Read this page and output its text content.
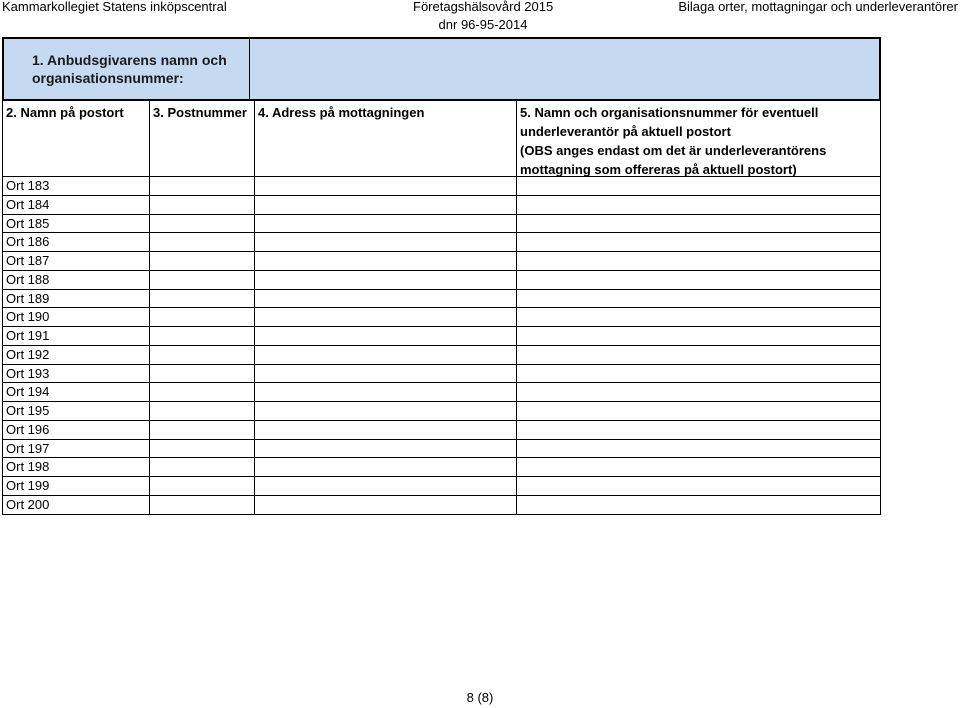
Kammarkollegiet Statens inköpscentral	Företagshälsovård 2015	Bilaga orter, mottagningar och underleverantörer
dnr 96-95-2014
1. Anbudsgivarens namn och
organisationsnummer:
2. Namn på postort	3. Postnummer 4. Adress på mottagningen	5. Namn och organisationsnummer för eventuell
underleverantör på aktuell postort
(OBS anges endast om det är underleverantörens
mottagning som offereras på aktuell postort)
Ort 183
Ort 184
Ort 185
Ort 186
Ort 187
Ort 188
Ort 189
Ort 190
Ort 191
Ort 192
Ort 193
Ort 194
Ort 195
Ort 196
Ort 197
Ort 198
Ort 199
Ort 200
8 (8)
